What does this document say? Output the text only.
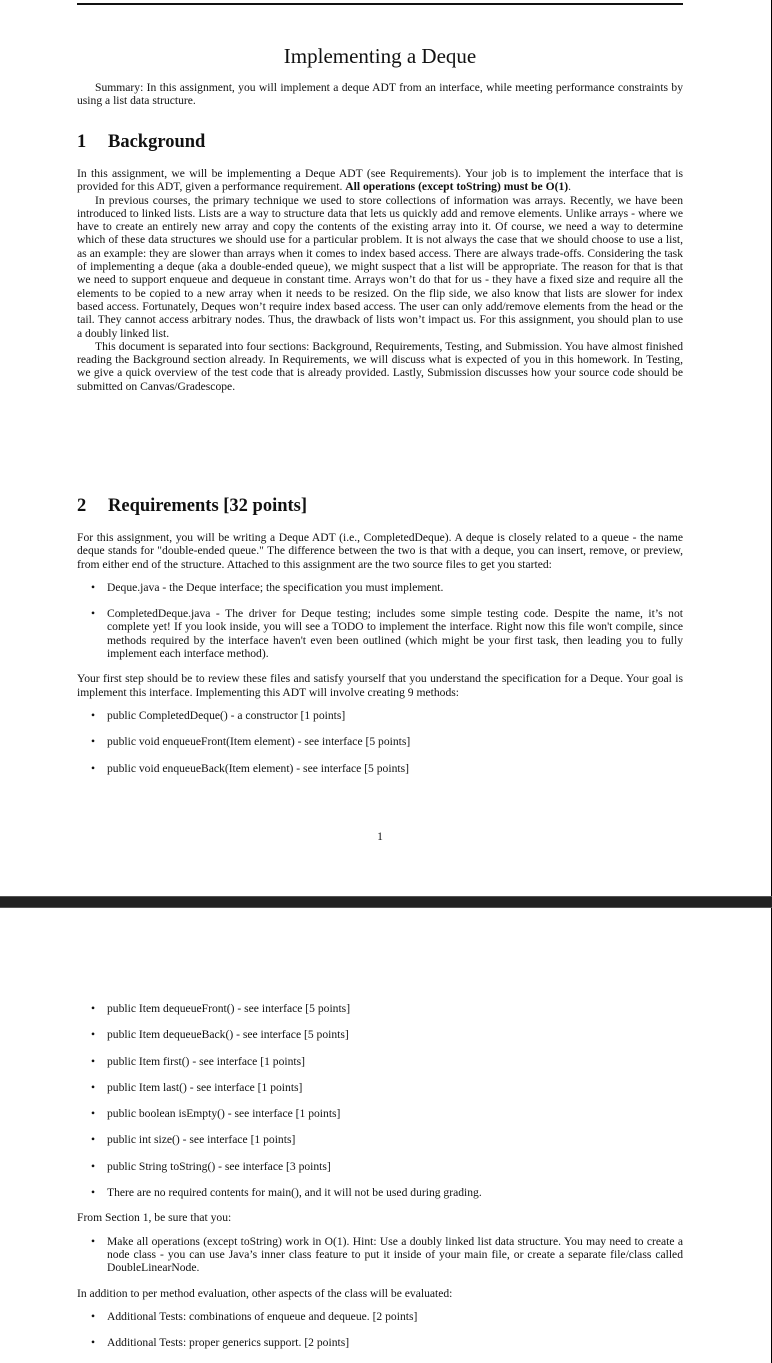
Implementing a Deque
Summary: In this assignment, you will implement a deque ADT from an interface, while meeting performance constraints by using a list data structure.
1 Background

In this assignment, we will be implementing a Deque ADT (see Requirements). Your job is to implement the interface that is provided for this ADT, given a performance requirement. All operations (except toString) must be O(1).

In previous courses, the primary technique we used to store collections of information was arrays. Recently, we have been introduced to linked lists. Lists are a way to structure data that lets us quickly add and remove elements. Unlike arrays - where we have to create an entirely new array and copy the contents of the existing array into it. Of course, we need a way to determine which of these data structures we should use for a particular problem. It is not always the case that we should choose to use a list, as an example: they are slower than arrays when it comes to index based access. There are always trade-offs. Considering the task of implementing a deque (aka a double-ended queue), we might suspect that a list will be appropriate. The reason for that is that we need to support enqueue and dequeue in constant time. Arrays won’t do that for us - they have a fixed size and require all the elements to be copied to a new array when it needs to be resized. On the flip side, we also know that lists are slower for index based access. Fortunately, Deques won’t require index based access. The user can only add/remove elements from the head or the tail. They cannot access arbitrary nodes. Thus, the drawback of lists won’t impact us. For this assignment, you should plan to use a doubly linked list.

This document is separated into four sections: Background, Requirements, Testing, and Submission. You have almost finished reading the Background section already. In Requirements, we will discuss what is expected of you in this homework. In Testing, we give a quick overview of the test code that is already provided. Lastly, Submission discusses how your source code should be submitted on Canvas/Gradescope.

2 Requirements [32 points]

For this assignment, you will be writing a Deque ADT (i.e., CompletedDeque). A deque is closely related to a queue - the name deque stands for "double-ended queue." The difference between the two is that with a deque, you can insert, remove, or preview, from either end of the structure. Attached to this assignment are the two source files to get you started:

• Deque.java - the Deque interface; the specification you must implement.
• CompletedDeque.java - The driver for Deque testing; includes some simple testing code. Despite the name, it’s not complete yet! If you look inside, you will see a TODO to implement the interface. Right now this file won't compile, since methods required by the interface haven't even been outlined (which might be your first task, then leading you to fully implement each interface method).

Your first step should be to review these files and satisfy yourself that you understand the specification for a Deque. Your goal is implement this interface. Implementing this ADT will involve creating 9 methods:

• public CompletedDeque() - a constructor [1 points]
• public void enqueueFront(Item element) - see interface [5 points]
• public void enqueueBack(Item element) - see interface [5 points]
1
• public Item dequeueFront() - see interface [5 points]
• public Item dequeueBack() - see interface [5 points]
• public Item first() - see interface [1 points]
• public Item last() - see interface [1 points]
• public boolean isEmpty() - see interface [1 points]
• public int size() - see interface [1 points]
• public String toString() - see interface [3 points]
• There are no required contents for main(), and it will not be used during grading.

From Section 1, be sure that you:

• Make all operations (except toString) work in O(1). Hint: Use a doubly linked list data structure. You may need to create a node class - you can use Java’s inner class feature to put it inside of your main file, or create a separate file/class called DoubleLinearNode.

In addition to per method evaluation, other aspects of the class will be evaluated:

• Additional Tests: combinations of enqueue and dequeue. [2 points]
• Additional Tests: proper generics support. [2 points]
